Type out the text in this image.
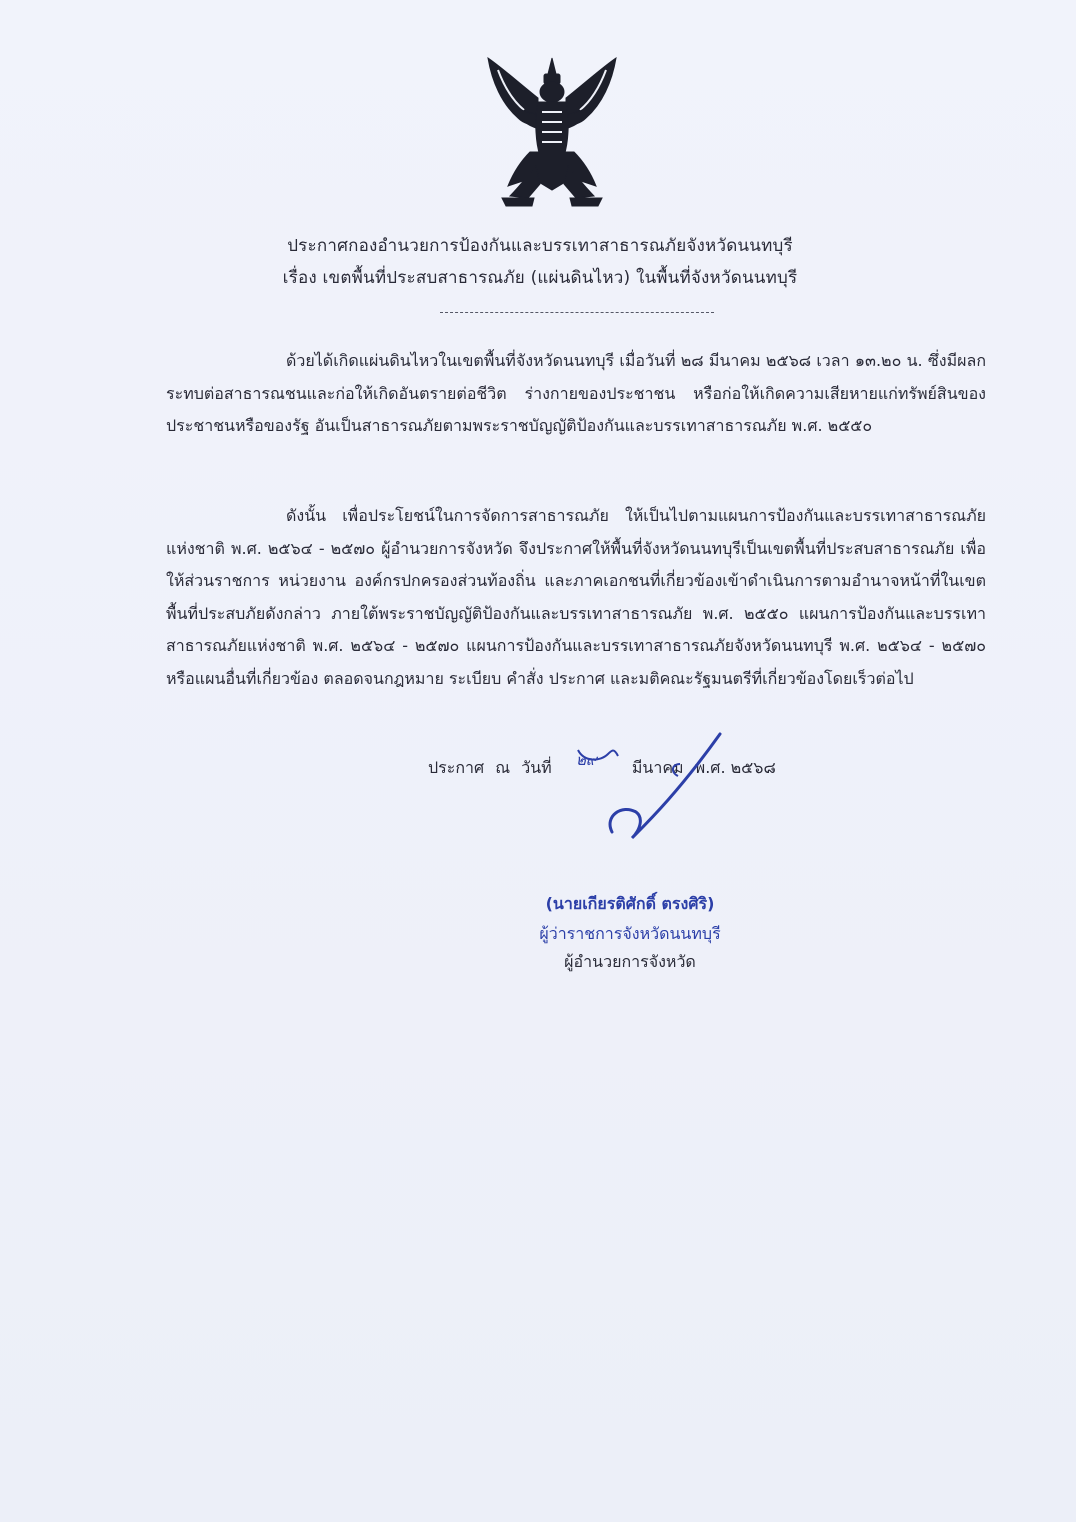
ประกาศกองอำนวยการป้องกันและบรรเทาสาธารณภัยจังหวัดนนทบุรี
เรื่อง เขตพื้นที่ประสบสาธารณภัย (แผ่นดินไหว) ในพื้นที่จังหวัดนนทบุรี

ด้วยได้เกิดแผ่นดินไหวในเขตพื้นที่จังหวัดนนทบุรี เมื่อวันที่ ๒๘ มีนาคม ๒๕๖๘ เวลา ๑๓.๒๐ น. ซึ่งมีผลกระทบต่อสาธารณชนและก่อให้เกิดอันตรายต่อชีวิต ร่างกายของประชาชน หรือก่อให้เกิดความเสียหายแก่ทรัพย์สินของประชาชนหรือของรัฐ อันเป็นสาธารณภัยตามพระราชบัญญัติป้องกันและบรรเทาสาธารณภัย พ.ศ. ๒๕๕๐

ดังนั้น เพื่อประโยชน์ในการจัดการสาธารณภัย ให้เป็นไปตามแผนการป้องกันและบรรเทาสาธารณภัยแห่งชาติ พ.ศ. ๒๕๖๔ - ๒๕๗๐ ผู้อำนวยการจังหวัด จึงประกาศให้พื้นที่จังหวัดนนทบุรีเป็นเขตพื้นที่ประสบสาธารณภัย เพื่อให้ส่วนราชการ หน่วยงาน องค์กรปกครองส่วนท้องถิ่น และภาคเอกชนที่เกี่ยวข้องเข้าดำเนินการตามอำนาจหน้าที่ในเขตพื้นที่ประสบภัยดังกล่าว ภายใต้พระราชบัญญัติป้องกันและบรรเทาสาธารณภัย พ.ศ. ๒๕๕๐ แผนการป้องกันและบรรเทาสาธารณภัยแห่งชาติ พ.ศ. ๒๕๖๔ - ๒๕๗๐ แผนการป้องกันและบรรเทาสาธารณภัยจังหวัดนนทบุรี พ.ศ. ๒๕๖๔ - ๒๕๗๐ หรือแผนอื่นที่เกี่ยวข้อง ตลอดจนกฎหมาย ระเบียบ คำสั่ง ประกาศ และมติคณะรัฐมนตรีที่เกี่ยวข้องโดยเร็วต่อไป

ประกาศ ณ วันที่	มีนาคม พ.ศ. ๒๕๖๘
๒๙
(นายเกียรติศักดิ์ ตรงศิริ)
ผู้ว่าราชการจังหวัดนนทบุรี
ผู้อำนวยการจังหวัด
